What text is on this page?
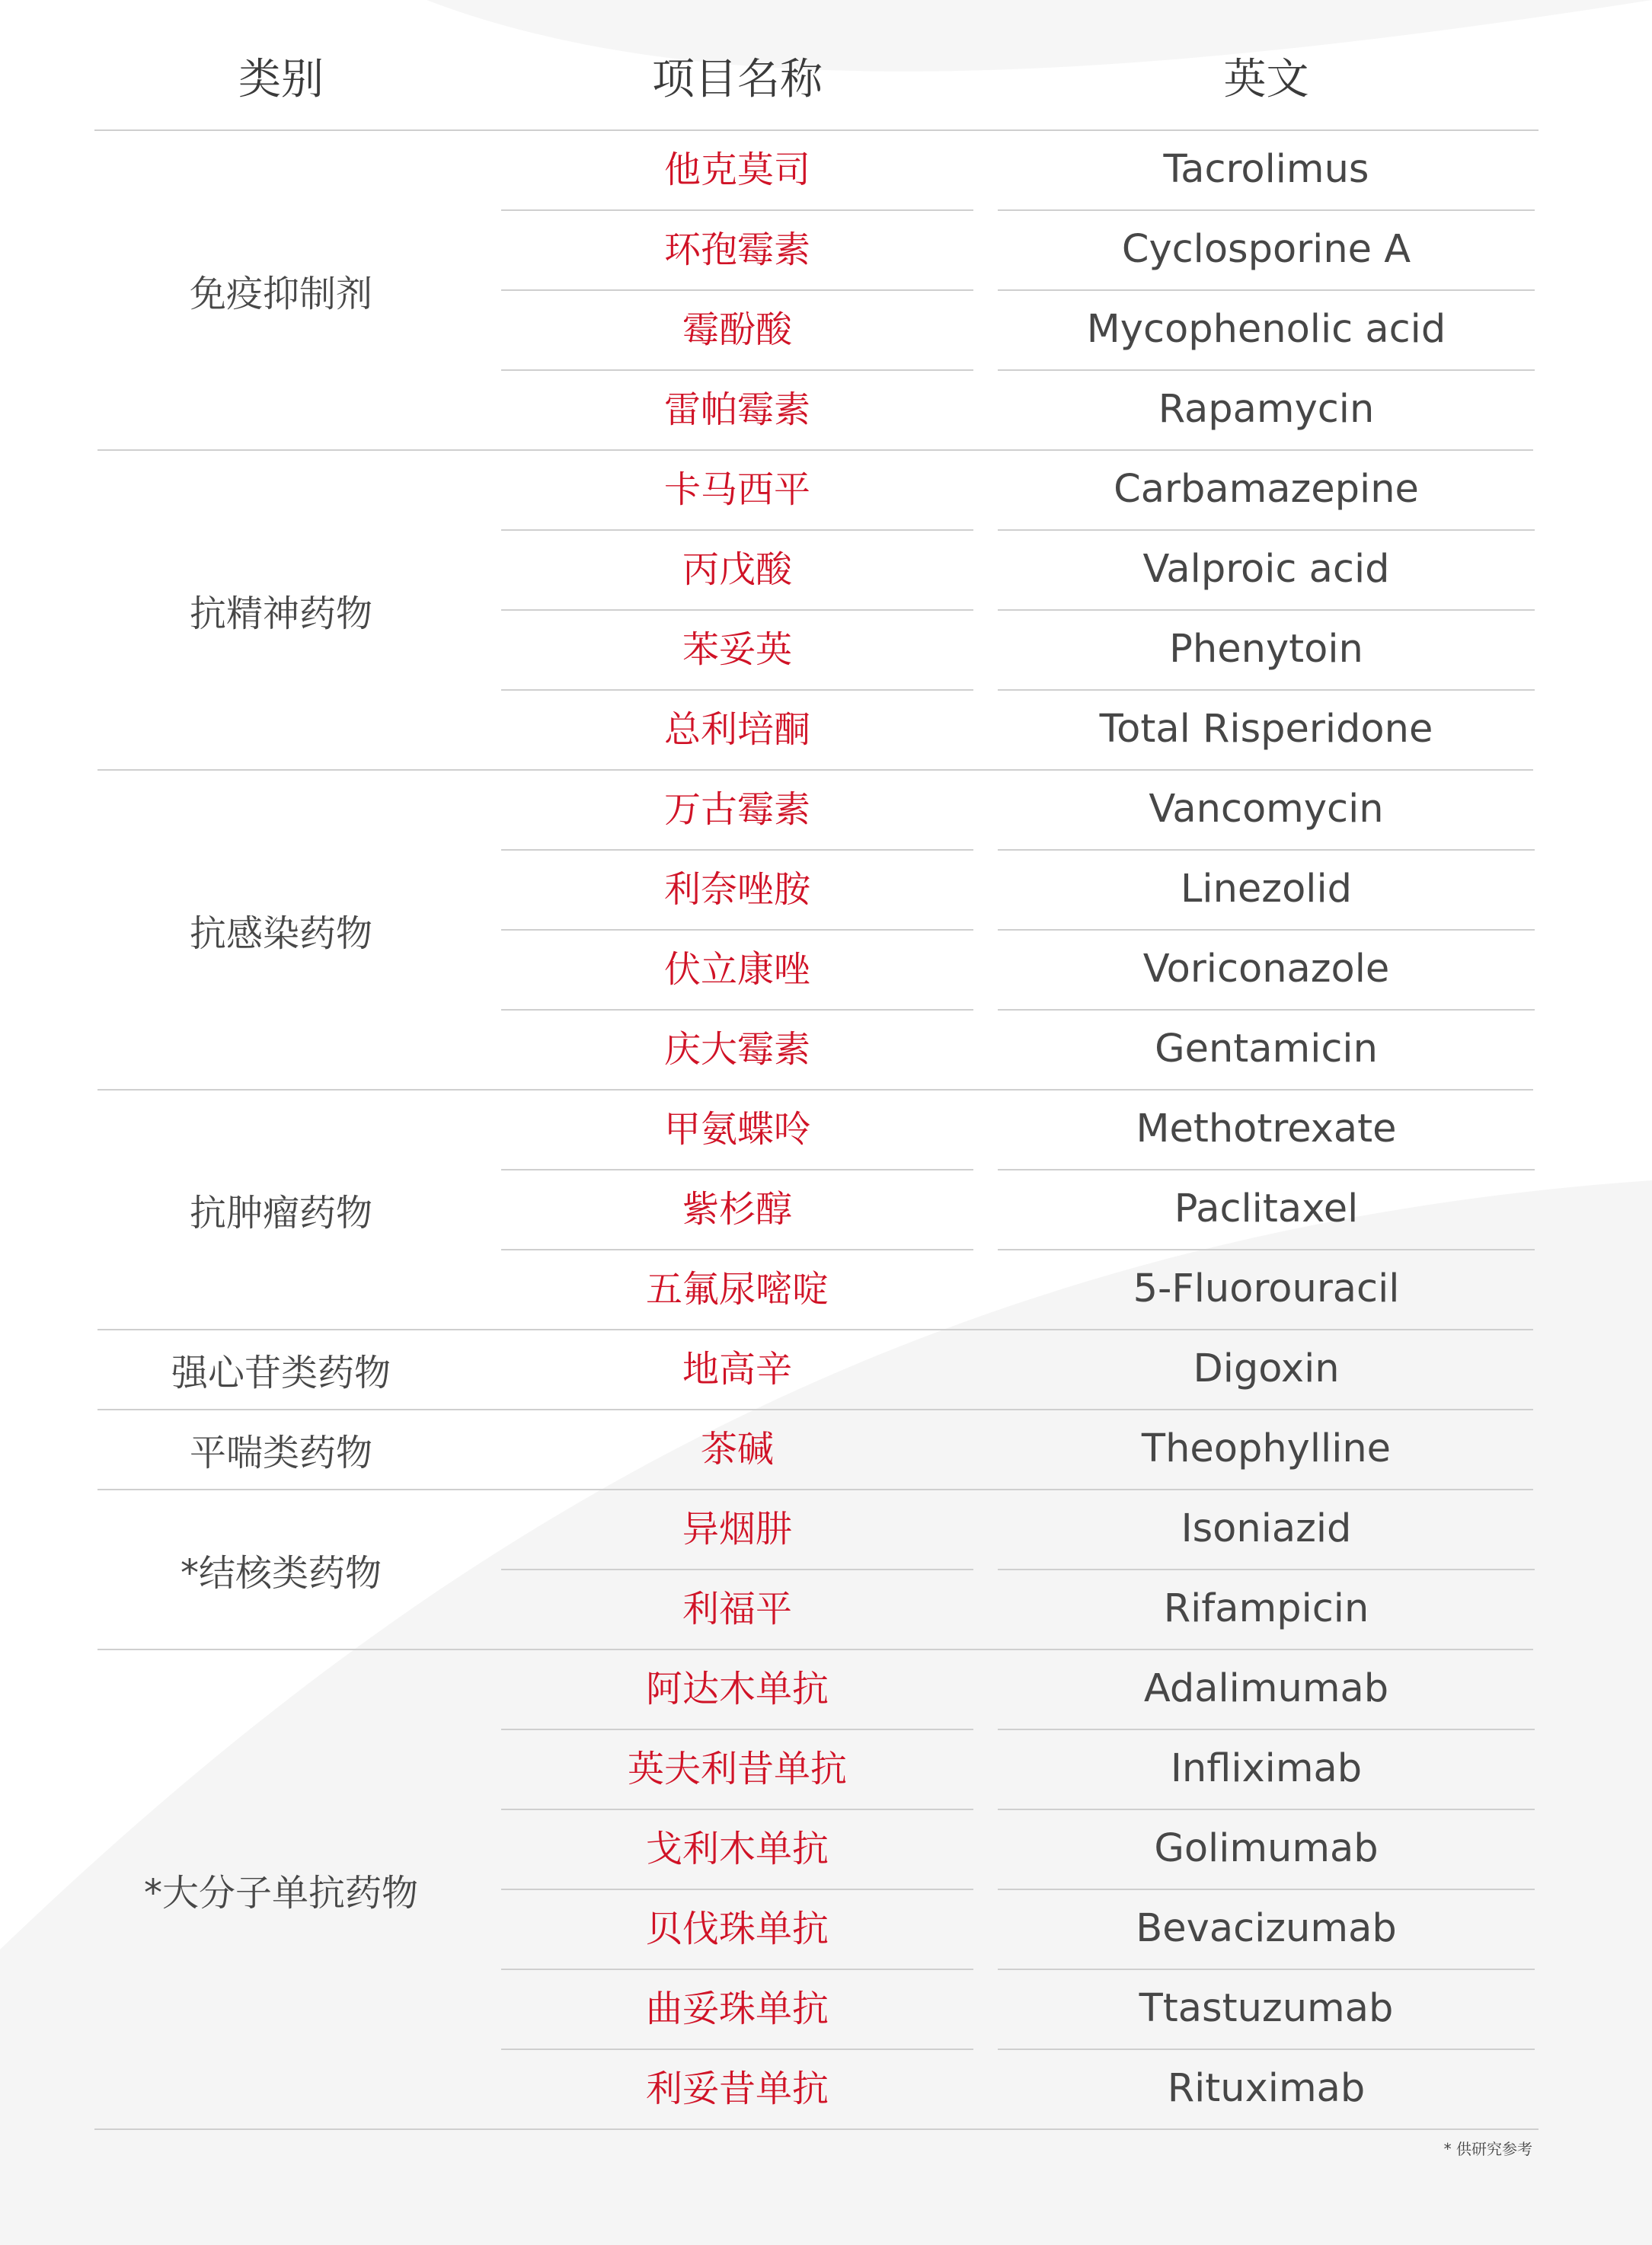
类别	项目名称	英文
免疫抑制剂
他克莫司	Tacrolimus
环孢霉素	Cyclosporine A
霉酚酸	Mycophenolic acid
雷帕霉素	Rapamycin
抗精神药物
卡马西平	Carbamazepine
丙戊酸	Valproic acid
苯妥英	Phenytoin
总利培酮	Total Risperidone
抗感染药物
万古霉素	Vancomycin
利奈唑胺	Linezolid
伏立康唑	Voriconazole
庆大霉素	Gentamicin
抗肿瘤药物
甲氨蝶呤	Methotrexate
紫杉醇	Paclitaxel
五氟尿嘧啶	5-Fluorouracil
强心苷类药物	地高辛	Digoxin
平喘类药物	茶碱	Theophylline
*结核类药物
异烟肼	Isoniazid
利福平	Rifampicin
*大分子单抗药物
阿达木单抗	Adalimumab
英夫利昔单抗	Infliximab
戈利木单抗	Golimumab
贝伐珠单抗	Bevacizumab
曲妥珠单抗	Ttastuzumab
利妥昔单抗	Rituximab
* 供研究参考
